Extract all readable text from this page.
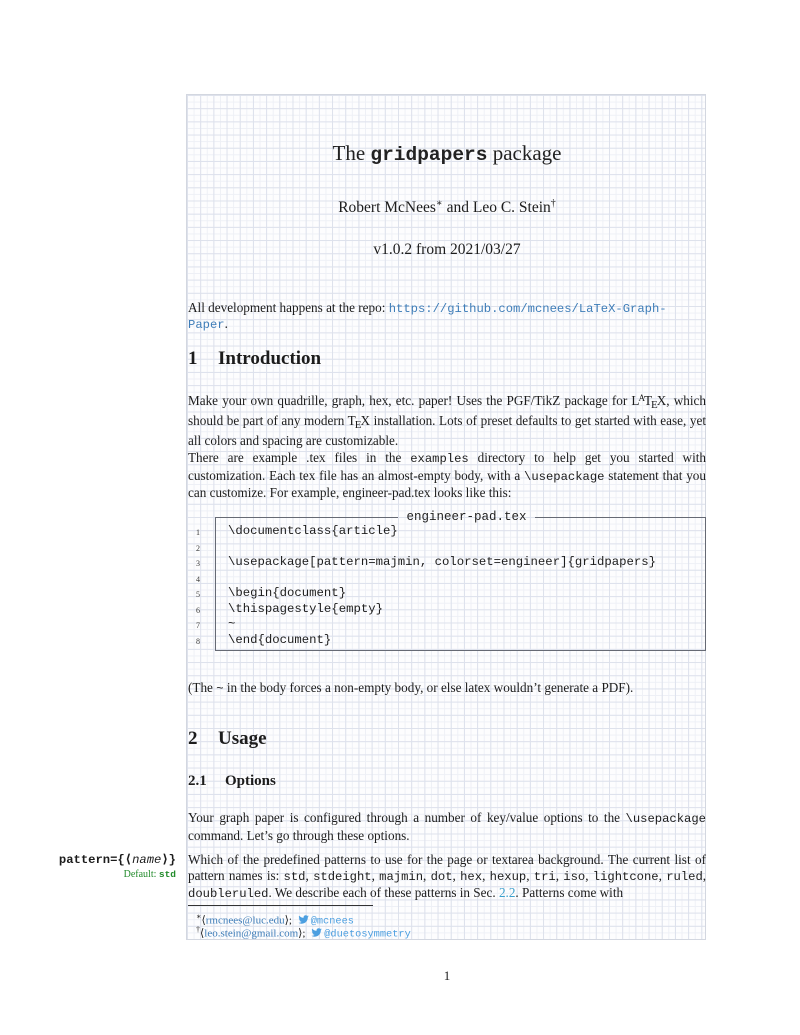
The gridpapers package
Robert McNees∗ and Leo C. Stein†
v1.0.2 from 2021/03/27
All development happens at the repo: https://github.com/mcnees/LaTeX-Graph-Paper.
1 Introduction
Make your own quadrille, graph, hex, etc. paper! Uses the PGF/TikZ package for $L^ATEX$, which should be part of any modern TEX installation. Lots of preset defaults to get started with ease, yet all colors and spacing are customizable.
There are example .tex files in the examples directory to help get you started with customization. Each tex file has an almost-empty body, with a \usepackage statement that you can customize. For example, engineer-pad.tex looks like this:
1
2
3
4
5
6
7
8
engineer-pad.tex
\documentclass{article}
\usepackage[pattern=majmin, colorset=engineer]{gridpapers}
\begin{document}
\thispagestyle{empty}
~
\end{document}
(The ~ in the body forces a non-empty body, or else latex wouldn’t generate a PDF).
2 Usage
2.1 Options
Your graph paper is configured through a number of key/value options to the \usepackage command. Let’s go through these options.
pattern={⟨name⟩}
Default: std
Which of the predefined patterns to use for the page or textarea background. The current list of pattern names is: std, stdeight, majmin, dot, hex, hexup, tri, iso, lightcone, ruled, doubleruled. We describe each of these patterns in Sec. 2.2. Patterns come with
∗⟨rmcnees@luc.edu⟩; @mcnees
†⟨leo.stein@gmail.com⟩; @duetosymmetry
1
